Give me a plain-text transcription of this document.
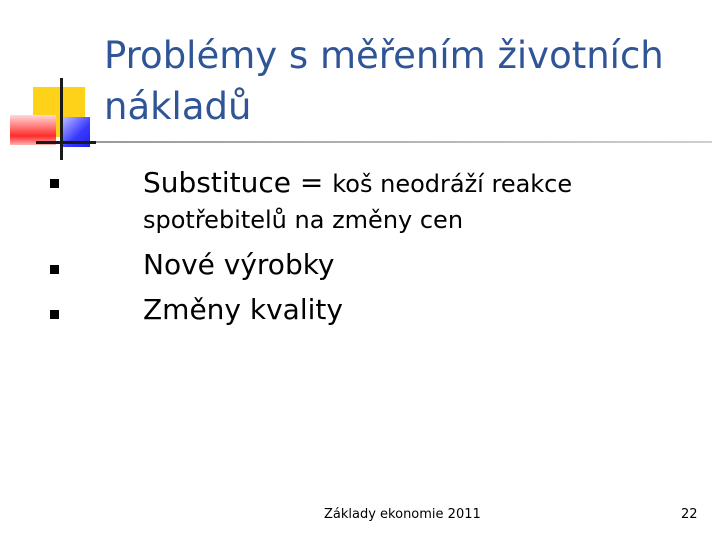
Problémy s měřením životních nákladů
Substituce = koš neodráží reakce
spotřebitelů na změny cen
Nové výrobky
Změny kvality
Základy ekonomie 2011	22
